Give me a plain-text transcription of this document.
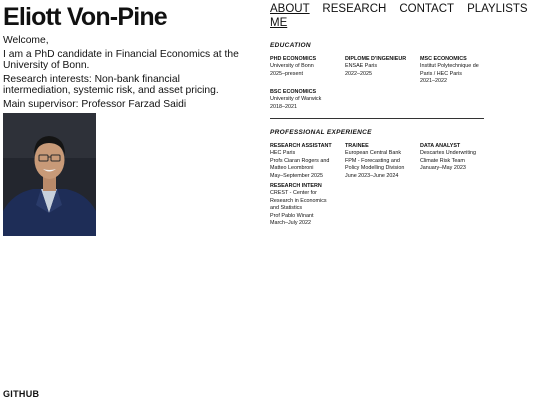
Eliott Von-Pine	ABOUT ME
RESEARCH CONTACT PLAYLISTS

Welcome,

I am a PhD candidate in Financial Economics at the University of Bonn.

Research interests: Non-bank financial intermediation, systemic risk, and asset pricing.

Main supervisor: Professor Farzad Saidi

EDUCATION
PHD ECONOMICS
University of Bonn
2025–present
DIPLOME D'INGENIEUR
ENSAE Paris
2022–2025
MSC ECONOMICS
Institut Polytechnique de
Paris / HEC Paris
2021–2022
BSC ECONOMICS
University of Warwick
2018–2021
PROFESSIONAL EXPERIENCE
RESEARCH ASSISTANT
HEC Paris
Profs Ciaran Rogers and
Matteo Leombroni
May–September 2025
TRAINEE
European Central Bank
FPM - Forecasting and
Policy Modelling Division
June 2023–June 2024
DATA ANALYST
Descartes Underwriting
Climate Risk Team
January–May 2023
RESEARCH INTERN
CREST - Center for
Research in Economics
and Statistics
Prof Pablo Winant
March–July 2022
GITHUB
